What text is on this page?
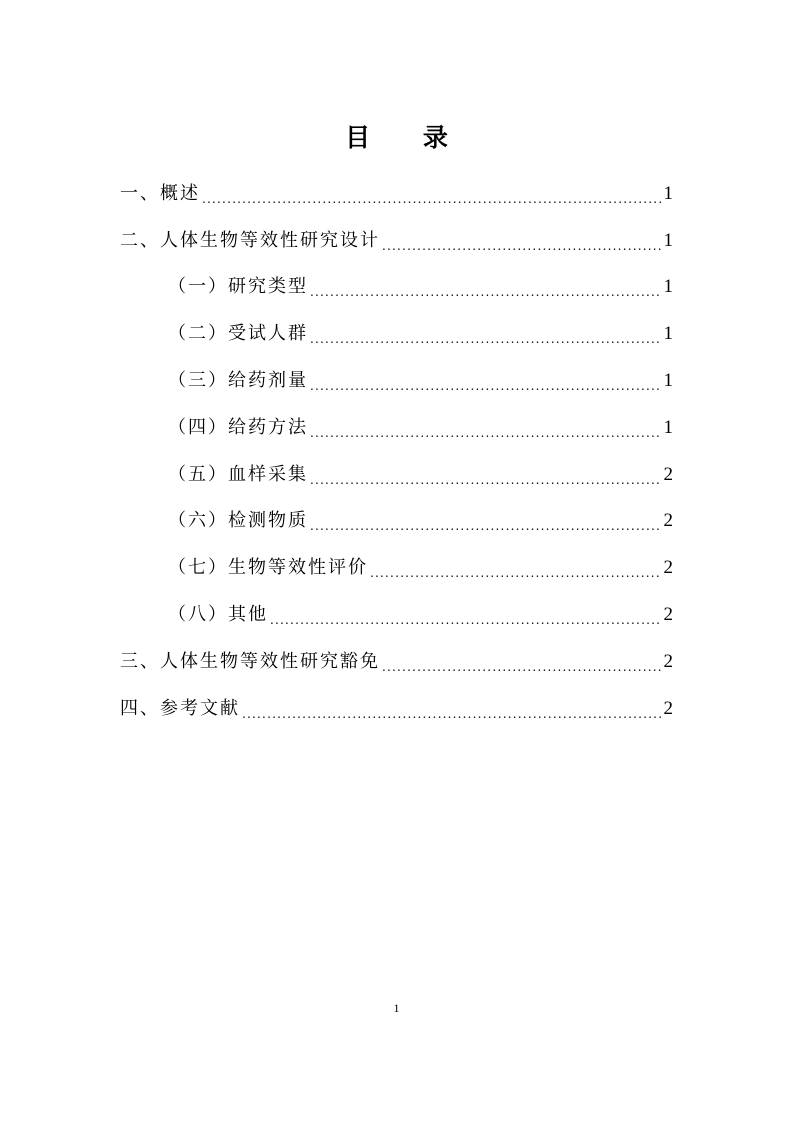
目 录
一、概述 .....	1
二、人体生物等效性研究设计 .....	1
（一）研究类型 .....	1
（二）受试人群 .....	1
（三）给药剂量 .....	1
（四）给药方法 .....	1
（五）血样采集 .....	2
（六）检测物质 .....	2
（七）生物等效性评价 .....	2
（八）其他 .....	2
三、人体生物等效性研究豁免 .....	2
四、参考文献 .....	2
1
